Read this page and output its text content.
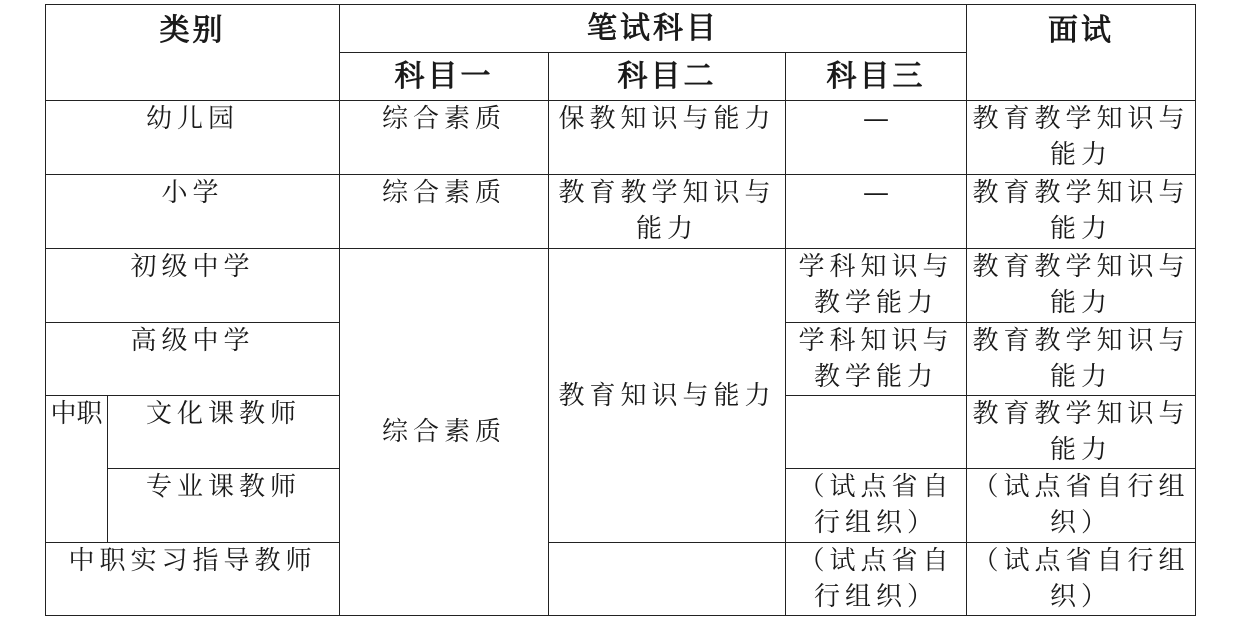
类别		笔试科目			面试
		科目一	科目二	科目三	
幼儿园		综合素质	保教知识与能力	—	教育教学知识与能力
小学		综合素质	教育教学知识与能力	—	教育教学知识与能力
初级中学		综合素质	教育知识与能力	学科知识与教学能力	教育教学知识与能力
高级中学				学科知识与教学能力	教育教学知识与能力
中职	文化课教师				教育教学知识与能力
	专业课教师			（试点省自行组织）	（试点省自行组织）
中职实习指导教师				（试点省自行组织）	（试点省自行组织）
